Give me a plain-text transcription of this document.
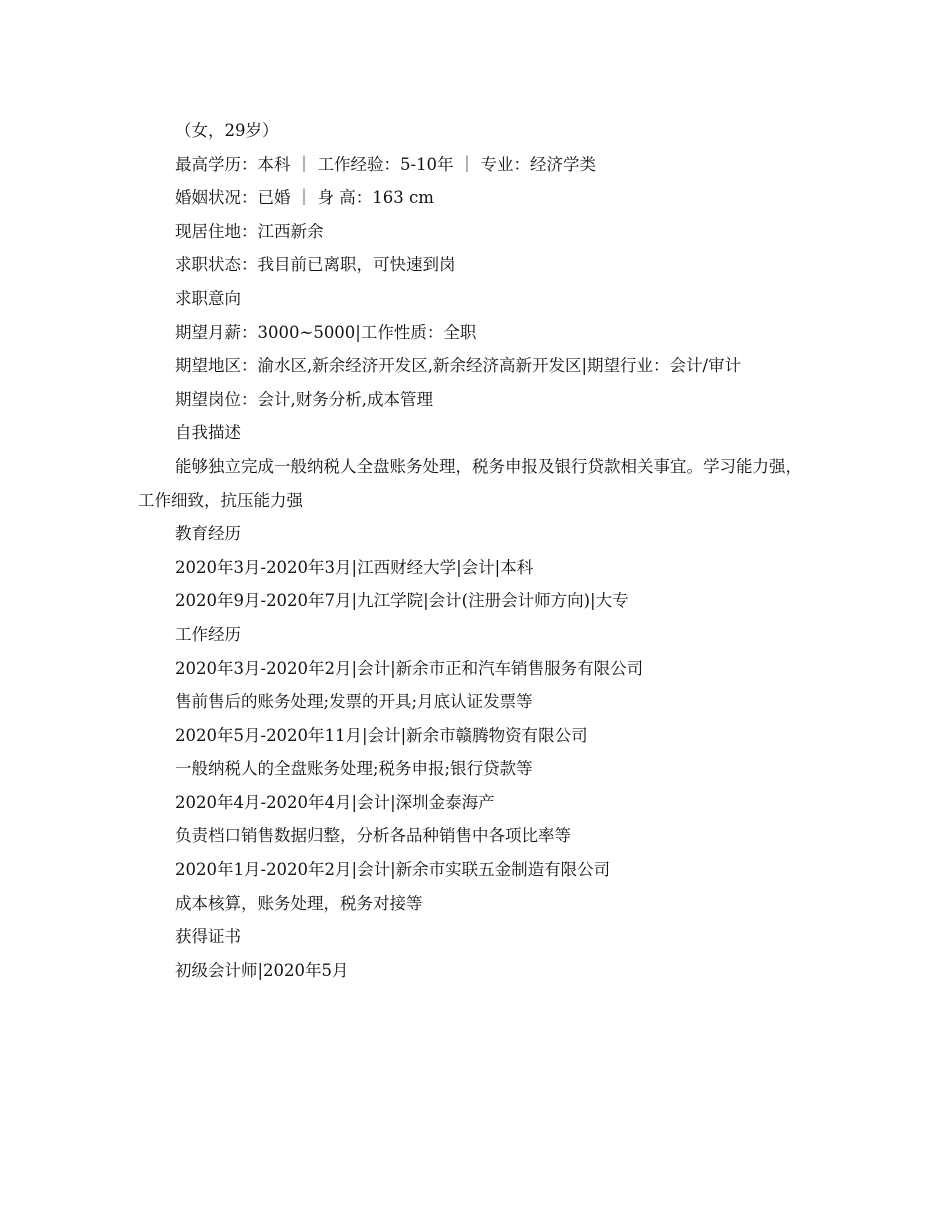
（女，29岁）

最高学历：本科 ｜ 工作经验：5-10年 ｜ 专业：经济学类

婚姻状况：已婚 ｜ 身 高：163 cm

现居住地：江西新余

求职状态：我目前已离职，可快速到岗

求职意向

期望月薪：3000~5000|工作性质：全职

期望地区：渝水区,新余经济开发区,新余经济高新开发区|期望行业：会计/审计

期望岗位：会计,财务分析,成本管理

自我描述

能够独立完成一般纳税人全盘账务处理，税务申报及银行贷款相关事宜。学习能力强，工作细致，抗压能力强

教育经历

2020年3月-2020年3月|江西财经大学|会计|本科

2020年9月-2020年7月|九江学院|会计(注册会计师方向)|大专

工作经历

2020年3月-2020年2月|会计|新余市正和汽车销售服务有限公司

售前售后的账务处理;发票的开具;月底认证发票等

2020年5月-2020年11月|会计|新余市赣腾物资有限公司

一般纳税人的全盘账务处理;税务申报;银行贷款等

2020年4月-2020年4月|会计|深圳金泰海产

负责档口销售数据归整，分析各品种销售中各项比率等

2020年1月-2020年2月|会计|新余市实联五金制造有限公司

成本核算，账务处理，税务对接等

获得证书

初级会计师|2020年5月
